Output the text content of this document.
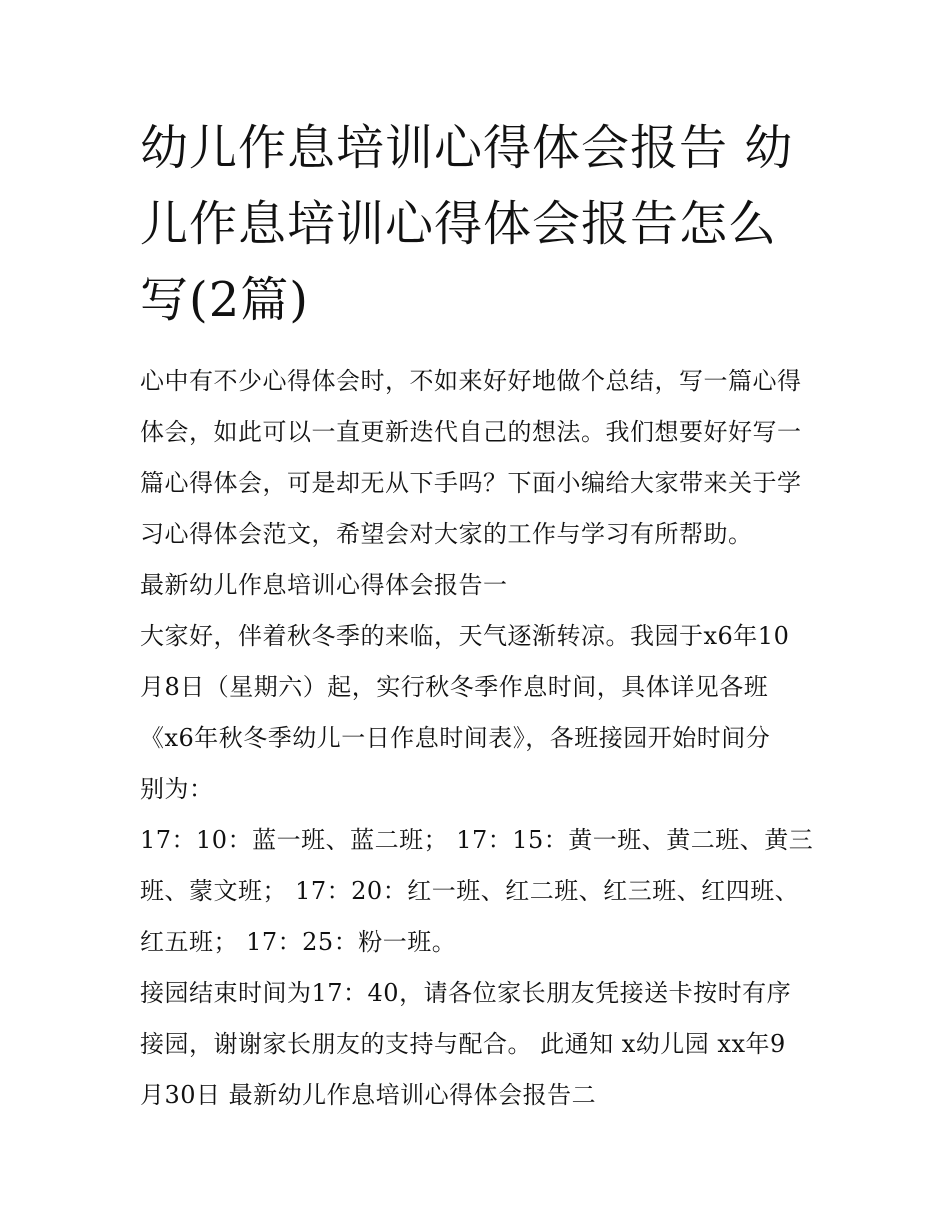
幼儿作息培训心得体会报告 幼
儿作息培训心得体会报告怎么
写(2篇)
心中有不少心得体会时，不如来好好地做个总结，写一篇心得
体会，如此可以一直更新迭代自己的想法。我们想要好好写一
篇心得体会，可是却无从下手吗？下面小编给大家带来关于学
习心得体会范文，希望会对大家的工作与学习有所帮助。
最新幼儿作息培训心得体会报告一
大家好，伴着秋冬季的来临，天气逐渐转凉。我园于x6年10
月8日（星期六）起，实行秋冬季作息时间，具体详见各班
《x6年秋冬季幼儿一日作息时间表》，各班接园开始时间分
别为：
17：10：蓝一班、蓝二班； 17：15：黄一班、黄二班、黄三
班、蒙文班； 17：20：红一班、红二班、红三班、红四班、
红五班； 17：25：粉一班。
接园结束时间为17：40，请各位家长朋友凭接送卡按时有序
接园，谢谢家长朋友的支持与配合。 此通知 x幼儿园 xx年9
月30日 最新幼儿作息培训心得体会报告二
